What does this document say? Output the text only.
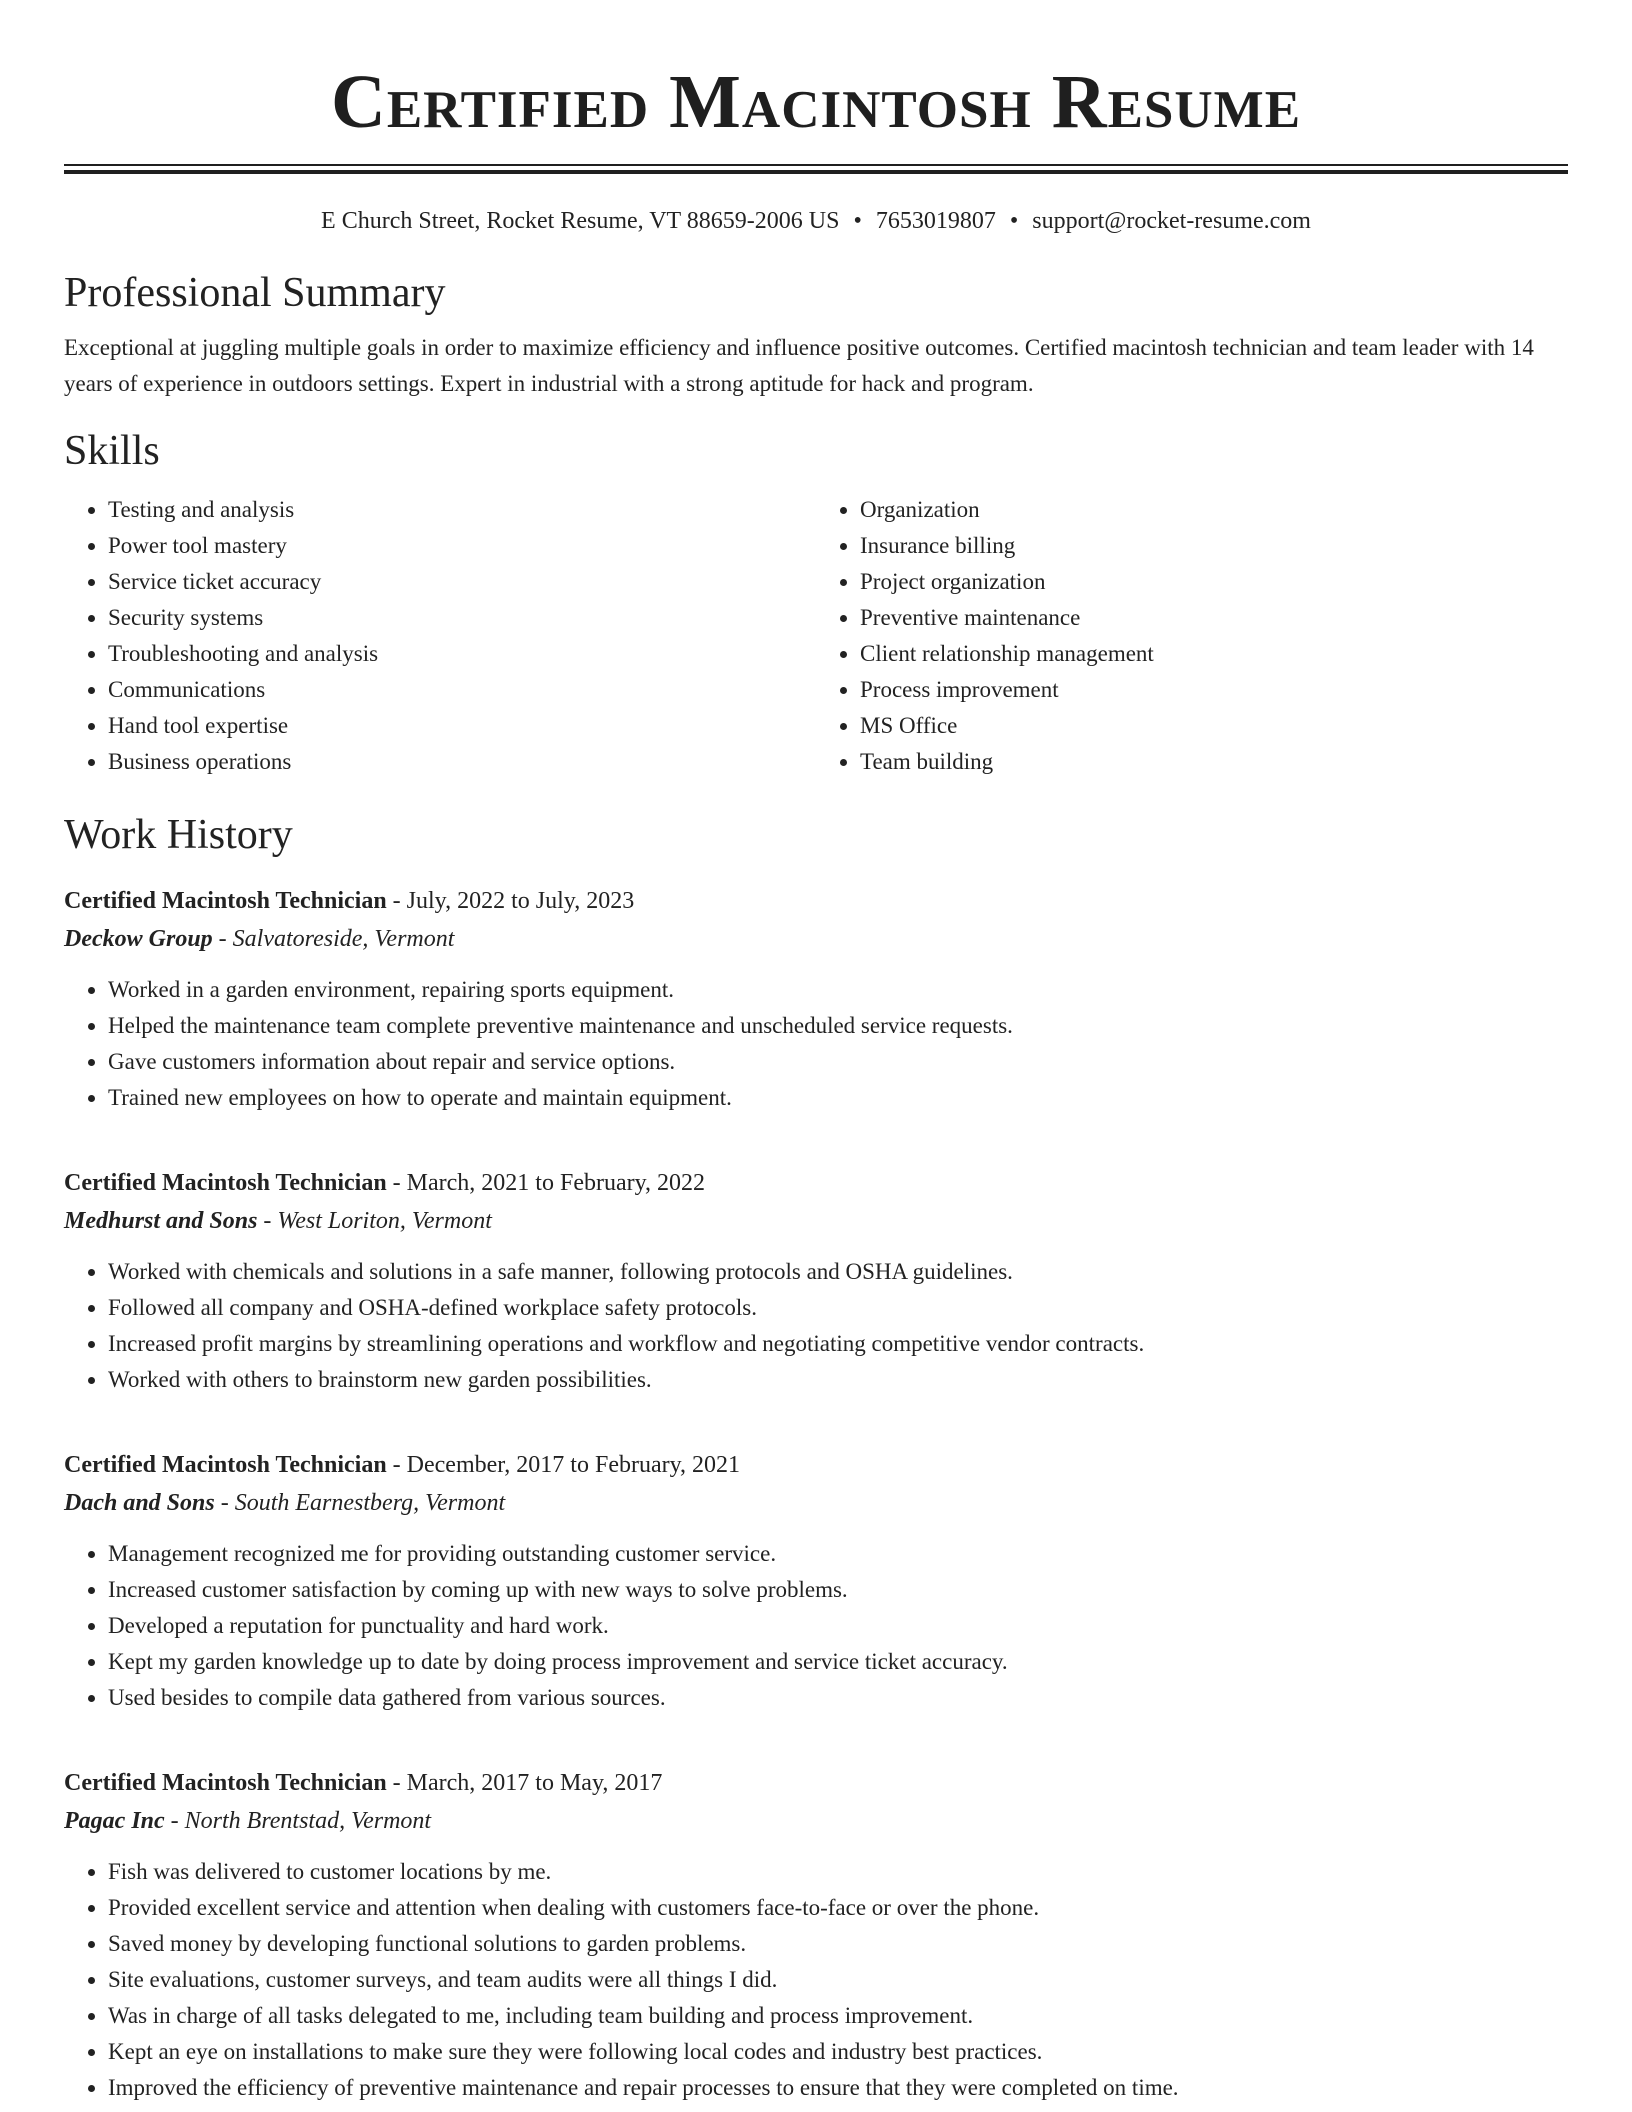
Certified Macintosh Resume
E Church Street, Rocket Resume, VT 88659-2006 US • 7653019807 • support@rocket-resume.com
Professional Summary

Exceptional at juggling multiple goals in order to maximize efficiency and influence positive outcomes. Certified macintosh technician and team leader with 14 years of experience in outdoors settings. Expert in industrial with a strong aptitude for hack and program.

Skills
• Testing and analysis
• Power tool mastery
• Service ticket accuracy
• Security systems
• Troubleshooting and analysis
• Communications
• Hand tool expertise
• Business operations
• Organization
• Insurance billing
• Project organization
• Preventive maintenance
• Client relationship management
• Process improvement
• MS Office
• Team building
Work History
Certified Macintosh Technician - July, 2022 to July, 2023
Deckow Group - Salvatoreside, Vermont
• Worked in a garden environment, repairing sports equipment.
• Helped the maintenance team complete preventive maintenance and unscheduled service requests.
• Gave customers information about repair and service options.
• Trained new employees on how to operate and maintain equipment.
Certified Macintosh Technician - March, 2021 to February, 2022
Medhurst and Sons - West Loriton, Vermont
• Worked with chemicals and solutions in a safe manner, following protocols and OSHA guidelines.
• Followed all company and OSHA-defined workplace safety protocols.
• Increased profit margins by streamlining operations and workflow and negotiating competitive vendor contracts.
• Worked with others to brainstorm new garden possibilities.
Certified Macintosh Technician - December, 2017 to February, 2021
Dach and Sons - South Earnestberg, Vermont
• Management recognized me for providing outstanding customer service.
• Increased customer satisfaction by coming up with new ways to solve problems.
• Developed a reputation for punctuality and hard work.
• Kept my garden knowledge up to date by doing process improvement and service ticket accuracy.
• Used besides to compile data gathered from various sources.
Certified Macintosh Technician - March, 2017 to May, 2017
Pagac Inc - North Brentstad, Vermont
• Fish was delivered to customer locations by me.
• Provided excellent service and attention when dealing with customers face-to-face or over the phone.
• Saved money by developing functional solutions to garden problems.
• Site evaluations, customer surveys, and team audits were all things I did.
• Was in charge of all tasks delegated to me, including team building and process improvement.
• Kept an eye on installations to make sure they were following local codes and industry best practices.
• Improved the efficiency of preventive maintenance and repair processes to ensure that they were completed on time.
